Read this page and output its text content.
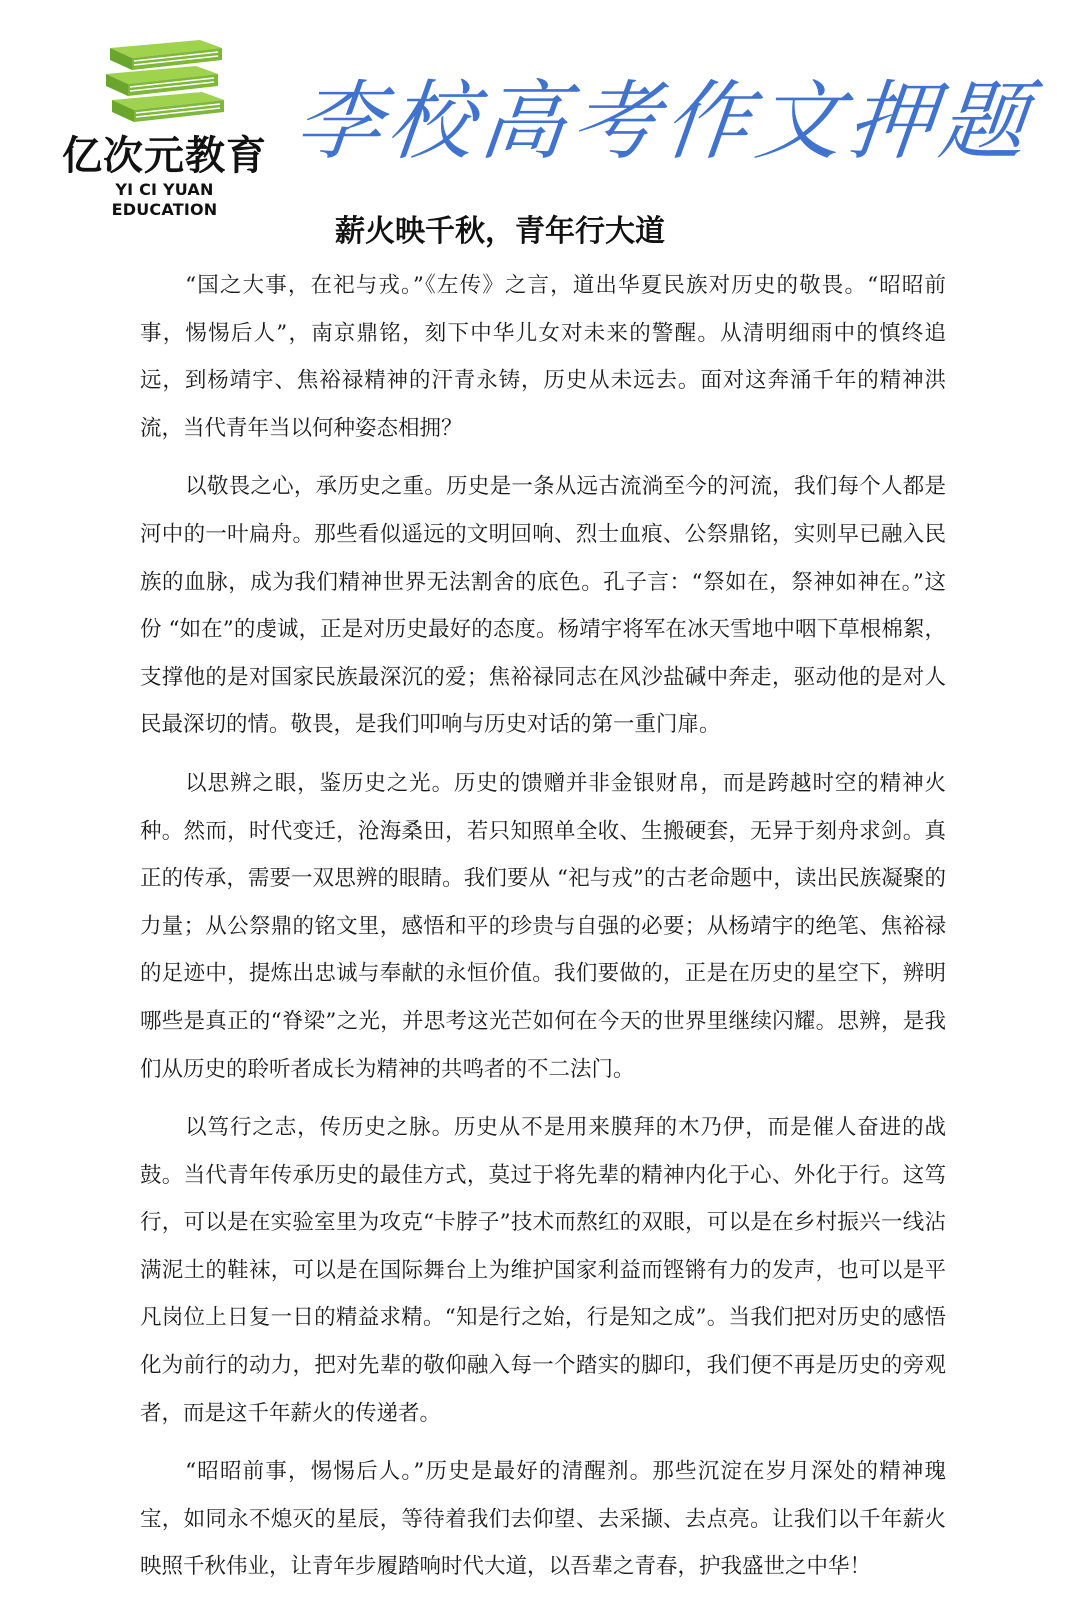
亿次元教育
YI CI YUAN EDUCATION
李校高考作文押题
薪火映千秋，青年行大道

“国之大事，在祀与戎。”《左传》之言，道出华夏民族对历史的敬畏。“昭昭前事，惕惕后人”，南京鼎铭，刻下中华儿女对未来的警醒。从清明细雨中的慎终追远，到杨靖宇、焦裕禄精神的汗青永铸，历史从未远去。面对这奔涌千年的精神洪流，当代青年当以何种姿态相拥？

以敬畏之心，承历史之重。历史是一条从远古流淌至今的河流，我们每个人都是河中的一叶扁舟。那些看似遥远的文明回响、烈士血痕、公祭鼎铭，实则早已融入民族的血脉，成为我们精神世界无法割舍的底色。孔子言：“祭如在，祭神如神在。”这份 “如在”的虔诚，正是对历史最好的态度。杨靖宇将军在冰天雪地中咽下草根棉絮，支撑他的是对国家民族最深沉的爱；焦裕禄同志在风沙盐碱中奔走，驱动他的是对人民最深切的情。敬畏，是我们叩响与历史对话的第一重门扉。

以思辨之眼，鉴历史之光。历史的馈赠并非金银财帛，而是跨越时空的精神火种。然而，时代变迁，沧海桑田，若只知照单全收、生搬硬套，无异于刻舟求剑。真正的传承，需要一双思辨的眼睛。我们要从 “祀与戎”的古老命题中，读出民族凝聚的力量；从公祭鼎的铭文里，感悟和平的珍贵与自强的必要；从杨靖宇的绝笔、焦裕禄的足迹中，提炼出忠诚与奉献的永恒价值。我们要做的，正是在历史的星空下，辨明哪些是真正的“脊梁”之光，并思考这光芒如何在今天的世界里继续闪耀。思辨，是我们从历史的聆听者成长为精神的共鸣者的不二法门。

以笃行之志，传历史之脉。历史从不是用来膜拜的木乃伊，而是催人奋进的战鼓。当代青年传承历史的最佳方式，莫过于将先辈的精神内化于心、外化于行。这笃行，可以是在实验室里为攻克“卡脖子”技术而熬红的双眼，可以是在乡村振兴一线沾满泥土的鞋袜，可以是在国际舞台上为维护国家利益而铿锵有力的发声，也可以是平凡岗位上日复一日的精益求精。“知是行之始，行是知之成”。当我们把对历史的感悟化为前行的动力，把对先辈的敬仰融入每一个踏实的脚印，我们便不再是历史的旁观者，而是这千年薪火的传递者。

“昭昭前事，惕惕后人。”历史是最好的清醒剂。那些沉淀在岁月深处的精神瑰宝，如同永不熄灭的星辰，等待着我们去仰望、去采撷、去点亮。让我们以千年薪火映照千秋伟业，让青年步履踏响时代大道，以吾辈之青春，护我盛世之中华！
